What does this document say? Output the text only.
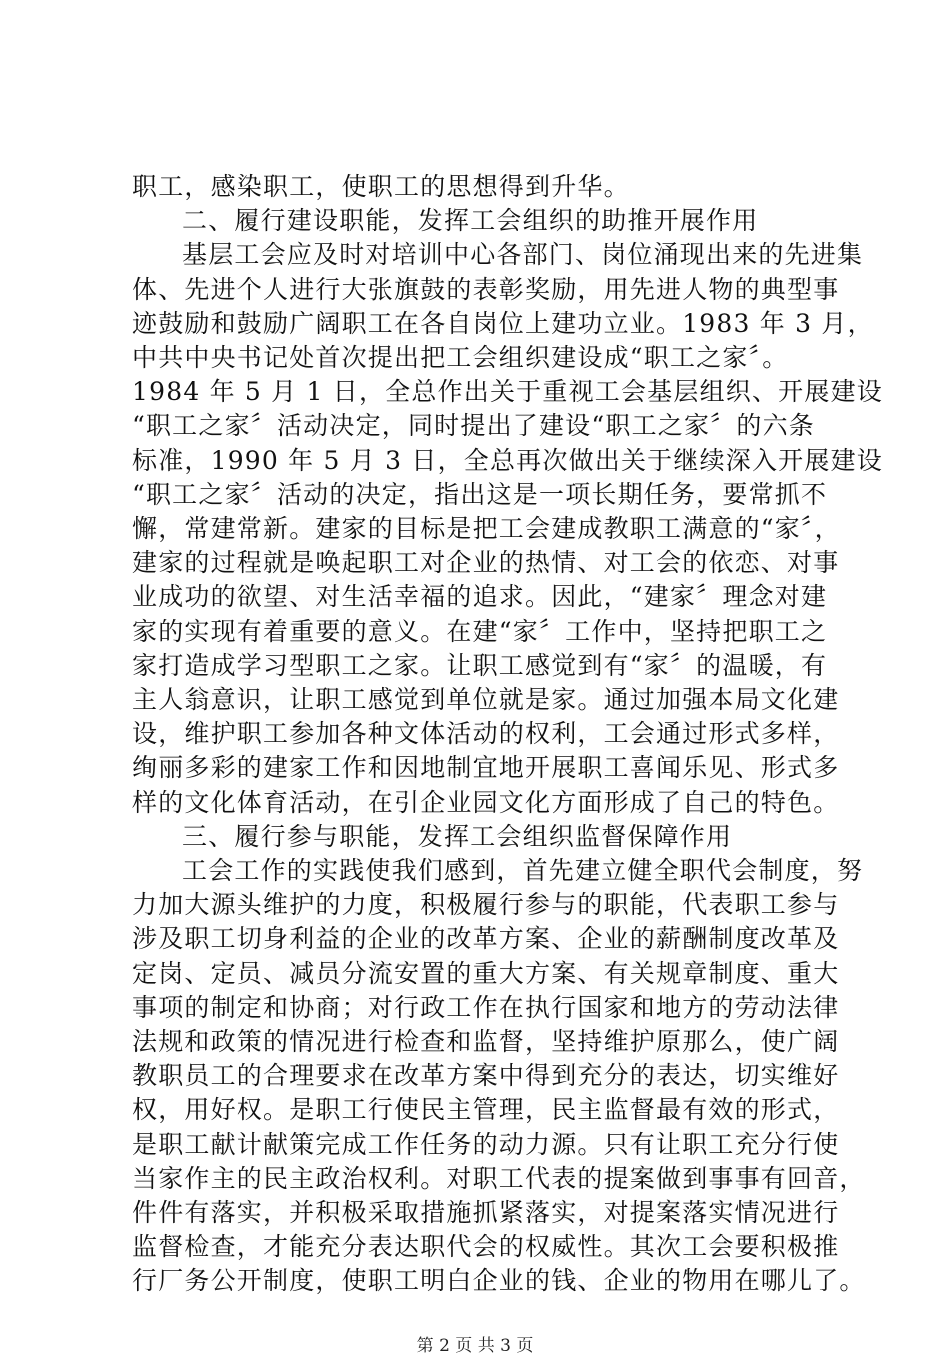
职工，感染职工，使职工的思想得到升华。
二、履行建设职能，发挥工会组织的助推开展作用
基层工会应及时对培训中心各部门、岗位涌现出来的先进集
体、先进个人进行大张旗鼓的表彰奖励，用先进人物的典型事
迹鼓励和鼓励广阔职工在各自岗位上建功立业。1983 年 3 月，
中共中央书记处首次提出把工会组织建设成“职工之家〞。
1984 年 5 月 1 日，全总作出关于重视工会基层组织、开展建设
“职工之家〞活动决定，同时提出了建设“职工之家〞的六条
标准，1990 年 5 月 3 日，全总再次做出关于继续深入开展建设
“职工之家〞活动的决定，指出这是一项长期任务，要常抓不
懈，常建常新。建家的目标是把工会建成教职工满意的“家〞，
建家的过程就是唤起职工对企业的热情、对工会的依恋、对事
业成功的欲望、对生活幸福的追求。因此，“建家〞理念对建
家的实现有着重要的意义。在建“家〞工作中，坚持把职工之
家打造成学习型职工之家。让职工感觉到有“家〞的温暖，有
主人翁意识，让职工感觉到单位就是家。通过加强本局文化建
设，维护职工参加各种文体活动的权利，工会通过形式多样，
绚丽多彩的建家工作和因地制宜地开展职工喜闻乐见、形式多
样的文化体育活动，在引企业园文化方面形成了自己的特色。
三、履行参与职能，发挥工会组织监督保障作用
工会工作的实践使我们感到，首先建立健全职代会制度，努
力加大源头维护的力度，积极履行参与的职能，代表职工参与
涉及职工切身利益的企业的改革方案、企业的薪酬制度改革及
定岗、定员、减员分流安置的重大方案、有关规章制度、重大
事项的制定和协商；对行政工作在执行国家和地方的劳动法律
法规和政策的情况进行检查和监督，坚持维护原那么，使广阔
教职员工的合理要求在改革方案中得到充分的表达，切实维好
权，用好权。是职工行使民主管理，民主监督最有效的形式，
是职工献计献策完成工作任务的动力源。只有让职工充分行使
当家作主的民主政治权利。对职工代表的提案做到事事有回音，
件件有落实，并积极采取措施抓紧落实，对提案落实情况进行
监督检查，才能充分表达职代会的权威性。其次工会要积极推
行厂务公开制度，使职工明白企业的钱、企业的物用在哪儿了。
第 2 页 共 3 页
